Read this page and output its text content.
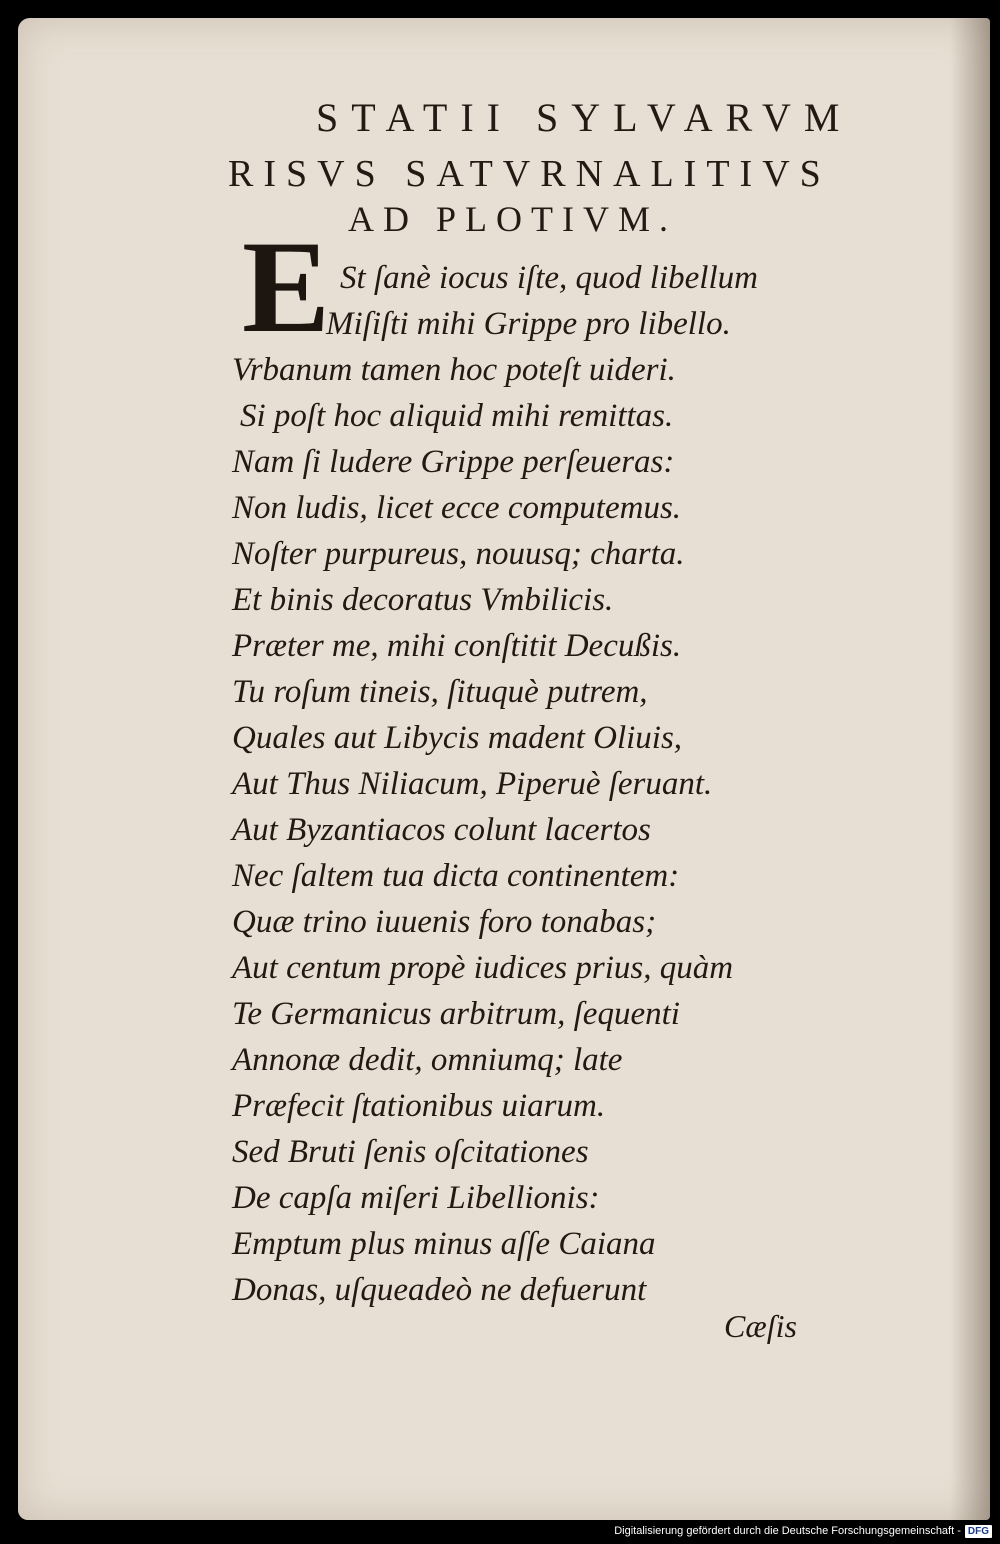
STATII SYLVARVM
RISVS SATVRNALITIVS
AD PLOTIVM.
E St ſanè iocus iſte, quod libellum
Miſiſti mihi Grippe pro libello.
Vrbanum tamen hoc poteſt uideri.
Si poſt hoc aliquid mihi remittas.
Nam ſi ludere Grippe perſeueras:
Non ludis, licet ecce computemus.
Noſter purpureus, nouusq; charta.
Et binis decoratus Vmbilicis.
Præter me, mihi conſtitit Decußis.
Tu roſum tineis, ſituquè putrem,
Quales aut Libycis madent Oliuis,
Aut Thus Niliacum, Piperuè ſeruant.
Aut Byzantiacos colunt lacertos
Nec ſaltem tua dicta continentem:
Quæ trino iuuenis foro tonabas;
Aut centum propè iudices prius, quàm
Te Germanicus arbitrum, ſequenti
Annonæ dedit, omniumq; late
Præfecit ſtationibus uiarum.
Sed Bruti ſenis oſcitationes
De capſa miſeri Libellionis:
Emptum plus minus aſſe Caiana
Donas, uſqueadeò ne defuerunt
Cæſis
Digitalisierung gefördert durch die Deutsche Forschungsgemeinschaft - DFG
